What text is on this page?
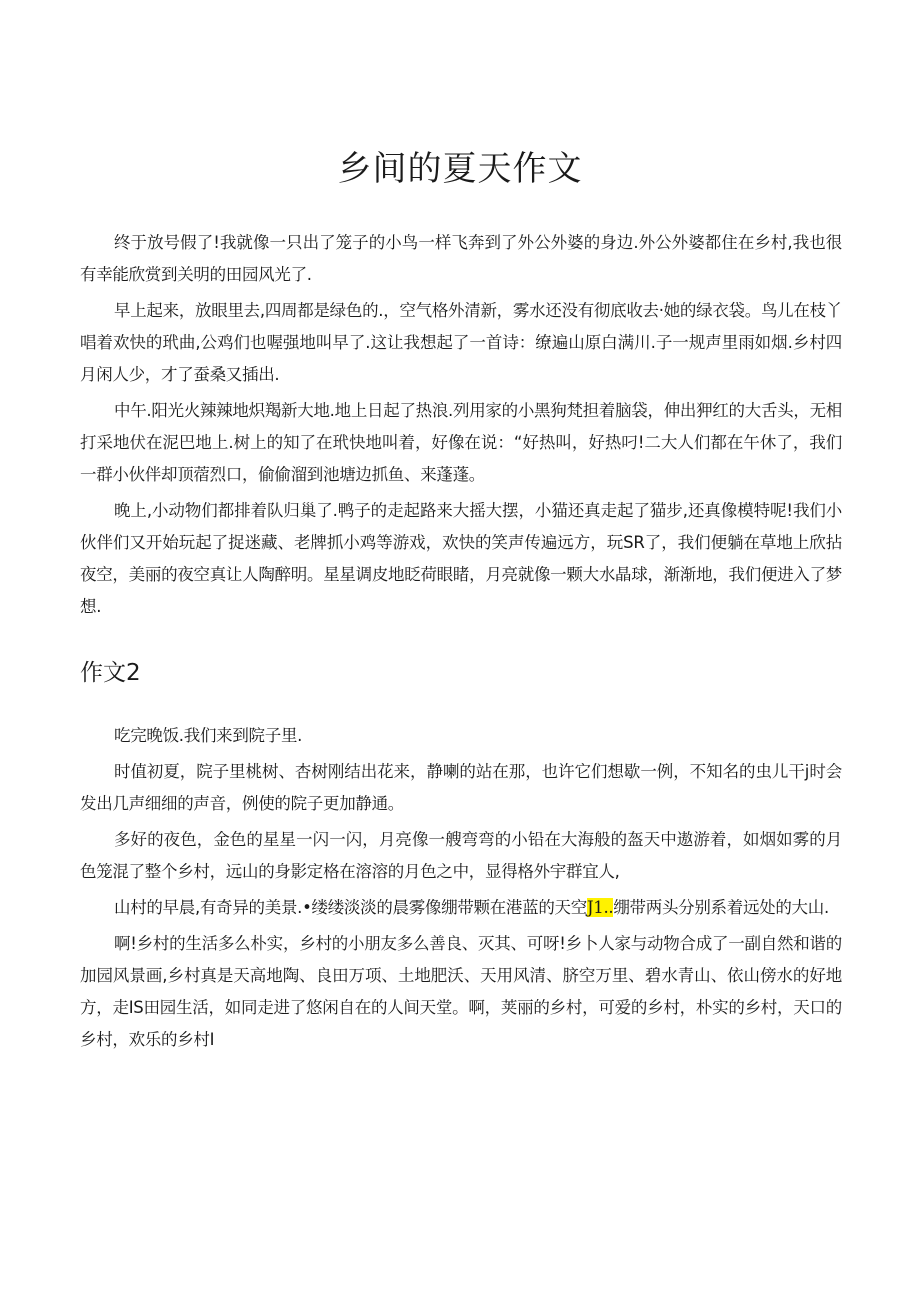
乡间的夏天作文

终于放号假了!我就像一只出了笼子的小鸟一样飞奔到了外公外婆的身边.外公外婆都住在乡村,我也很有幸能欣赏到关明的田园风光了.

早上起来，放眼里去,四周都是绿色的.，空气格外清新，雾水还没有彻底收去·她的绿衣袋。鸟儿在枝丫唱着欢快的玳曲,公鸡们也喔强地叫早了.这让我想起了一首诗：缭遍山原白满川.子一规声里雨如烟.乡村四月闲人少，才了蚕桑又插出.

中午.阳光火辣辣地炽羯新大地.地上日起了热浪.列用家的小黑狗梵担着脑袋，伸出狎红的大舌头，无相打采地伏在泥巴地上.树上的知了在玳快地叫着，好像在说：“好热叫，好热叼!二大人们都在午休了，我们一群小伙伴却顶蓿烈口，偷偷溜到池塘边抓鱼、来蓬蓬。

晚上,小动物们都排着队归巢了.鸭子的走起路来大摇大摆，小猫还真走起了猫步,还真像模特呢!我们小伙伴们又开始玩起了捉迷藏、老牌抓小鸡等游戏，欢快的笑声传遍远方，玩SR了，我们便躺在草地上欣拈夜空，美丽的夜空真让人陶醉明。星星调皮地眨荷眼睹，月亮就像一颗大水晶球，渐渐地，我们便进入了梦想.

作文2

吃完晚饭.我们来到院子里.

时值初夏，院子里桃树、杏树刚结出花来，静喇的站在那，也许它们想歇一例，不知名的虫儿干j时会发出几声细细的声音，例使的院子更加静通。

多好的夜色，金色的星星一闪一闪，月亮像一艘弯弯的小铅在大海般的盔天中遨游着，如烟如雾的月色笼混了整个乡村，远山的身影定格在溶溶的月色之中，显得格外宇群宜人,

山村的早晨,有奇异的美景.•缕缕淡淡的晨雾像绷带颗在港蓝的天空J1..绷带两头分别系着远处的大山.

啊!乡村的生活多么朴实，乡村的小朋友多么善良、灭其、可呀!乡卜人家与动物合成了一副自然和谐的加园风景画,乡村真是天高地陶、良田万项、土地肥沃、天用风清、脐空万里、碧水青山、依山傍水的好地方，走IS田园生活，如同走进了悠闲自在的人间天堂。啊，荚丽的乡村，可爱的乡村，朴实的乡村，天口的乡村，欢乐的乡村I
